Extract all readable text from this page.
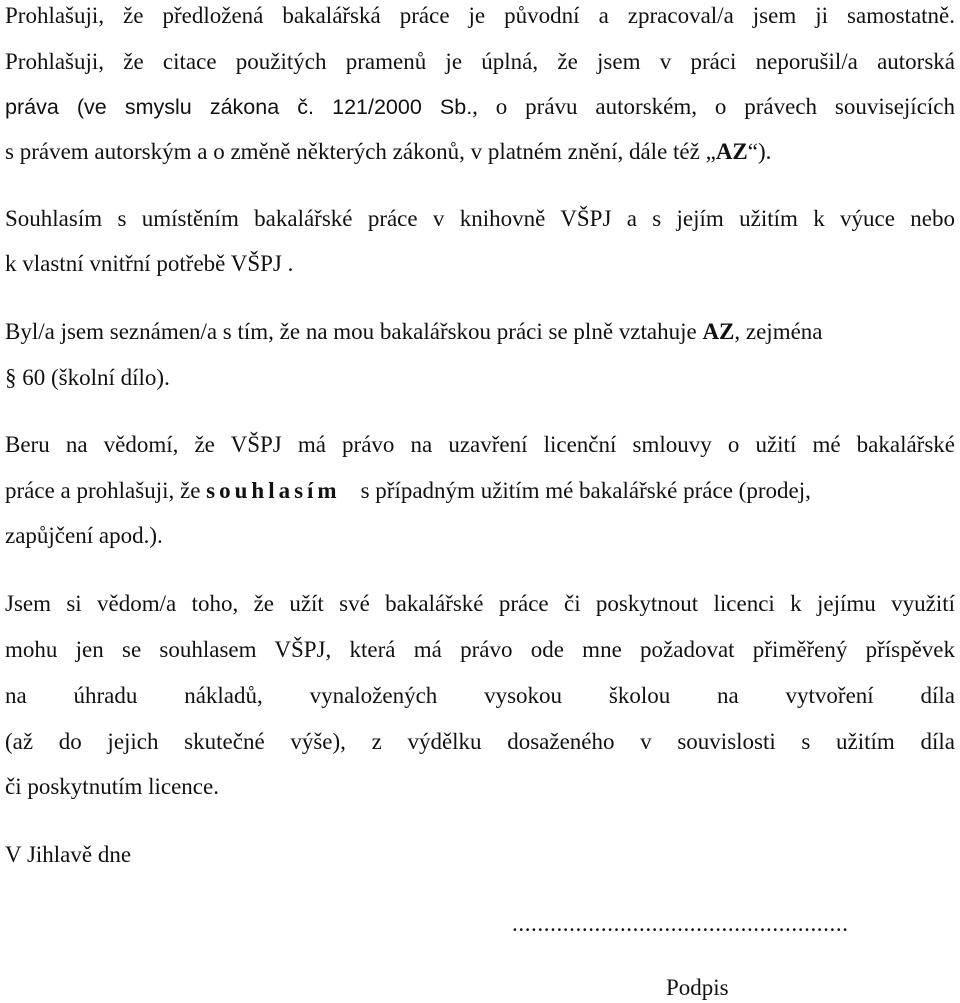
Prohlašuji, že předložená bakalářská práce je původní a zpracoval/a jsem ji samostatně.
Prohlašuji, že citace použitých pramenů je úplná, že jsem v práci neporušil/a autorská
práva (ve smyslu zákona č. 121/2000 Sb., o právu autorském, o právech souvisejících
s právem autorským a o změně některých zákonů, v platném znění, dále též „AZ“).
Souhlasím s umístěním bakalářské práce v knihovně VŠPJ a s jejím užitím k výuce nebo
k vlastní vnitřní potřebě VŠPJ .
Byl/a jsem seznámen/a s tím, že na mou bakalářskou práci se plně vztahuje AZ, zejména
§ 60 (školní dílo).
Beru na vědomí, že VŠPJ má právo na uzavření licenční smlouvy o užití mé bakalářské
práce a prohlašuji, že souhlasím s případným užitím mé bakalářské práce (prodej,
zapůjčení apod.).
Jsem si vědom/a toho, že užít své bakalářské práce či poskytnout licenci k jejímu využití
mohu jen se souhlasem VŠPJ, která má právo ode mne požadovat přiměřený příspěvek
na úhradu nákladů, vynaložených vysokou školou na vytvoření díla
(až do jejich skutečné výše), z výdělku dosaženého v souvislosti s užitím díla
či poskytnutím licence.
V Jihlavě dne
.....................................................
Podpis
